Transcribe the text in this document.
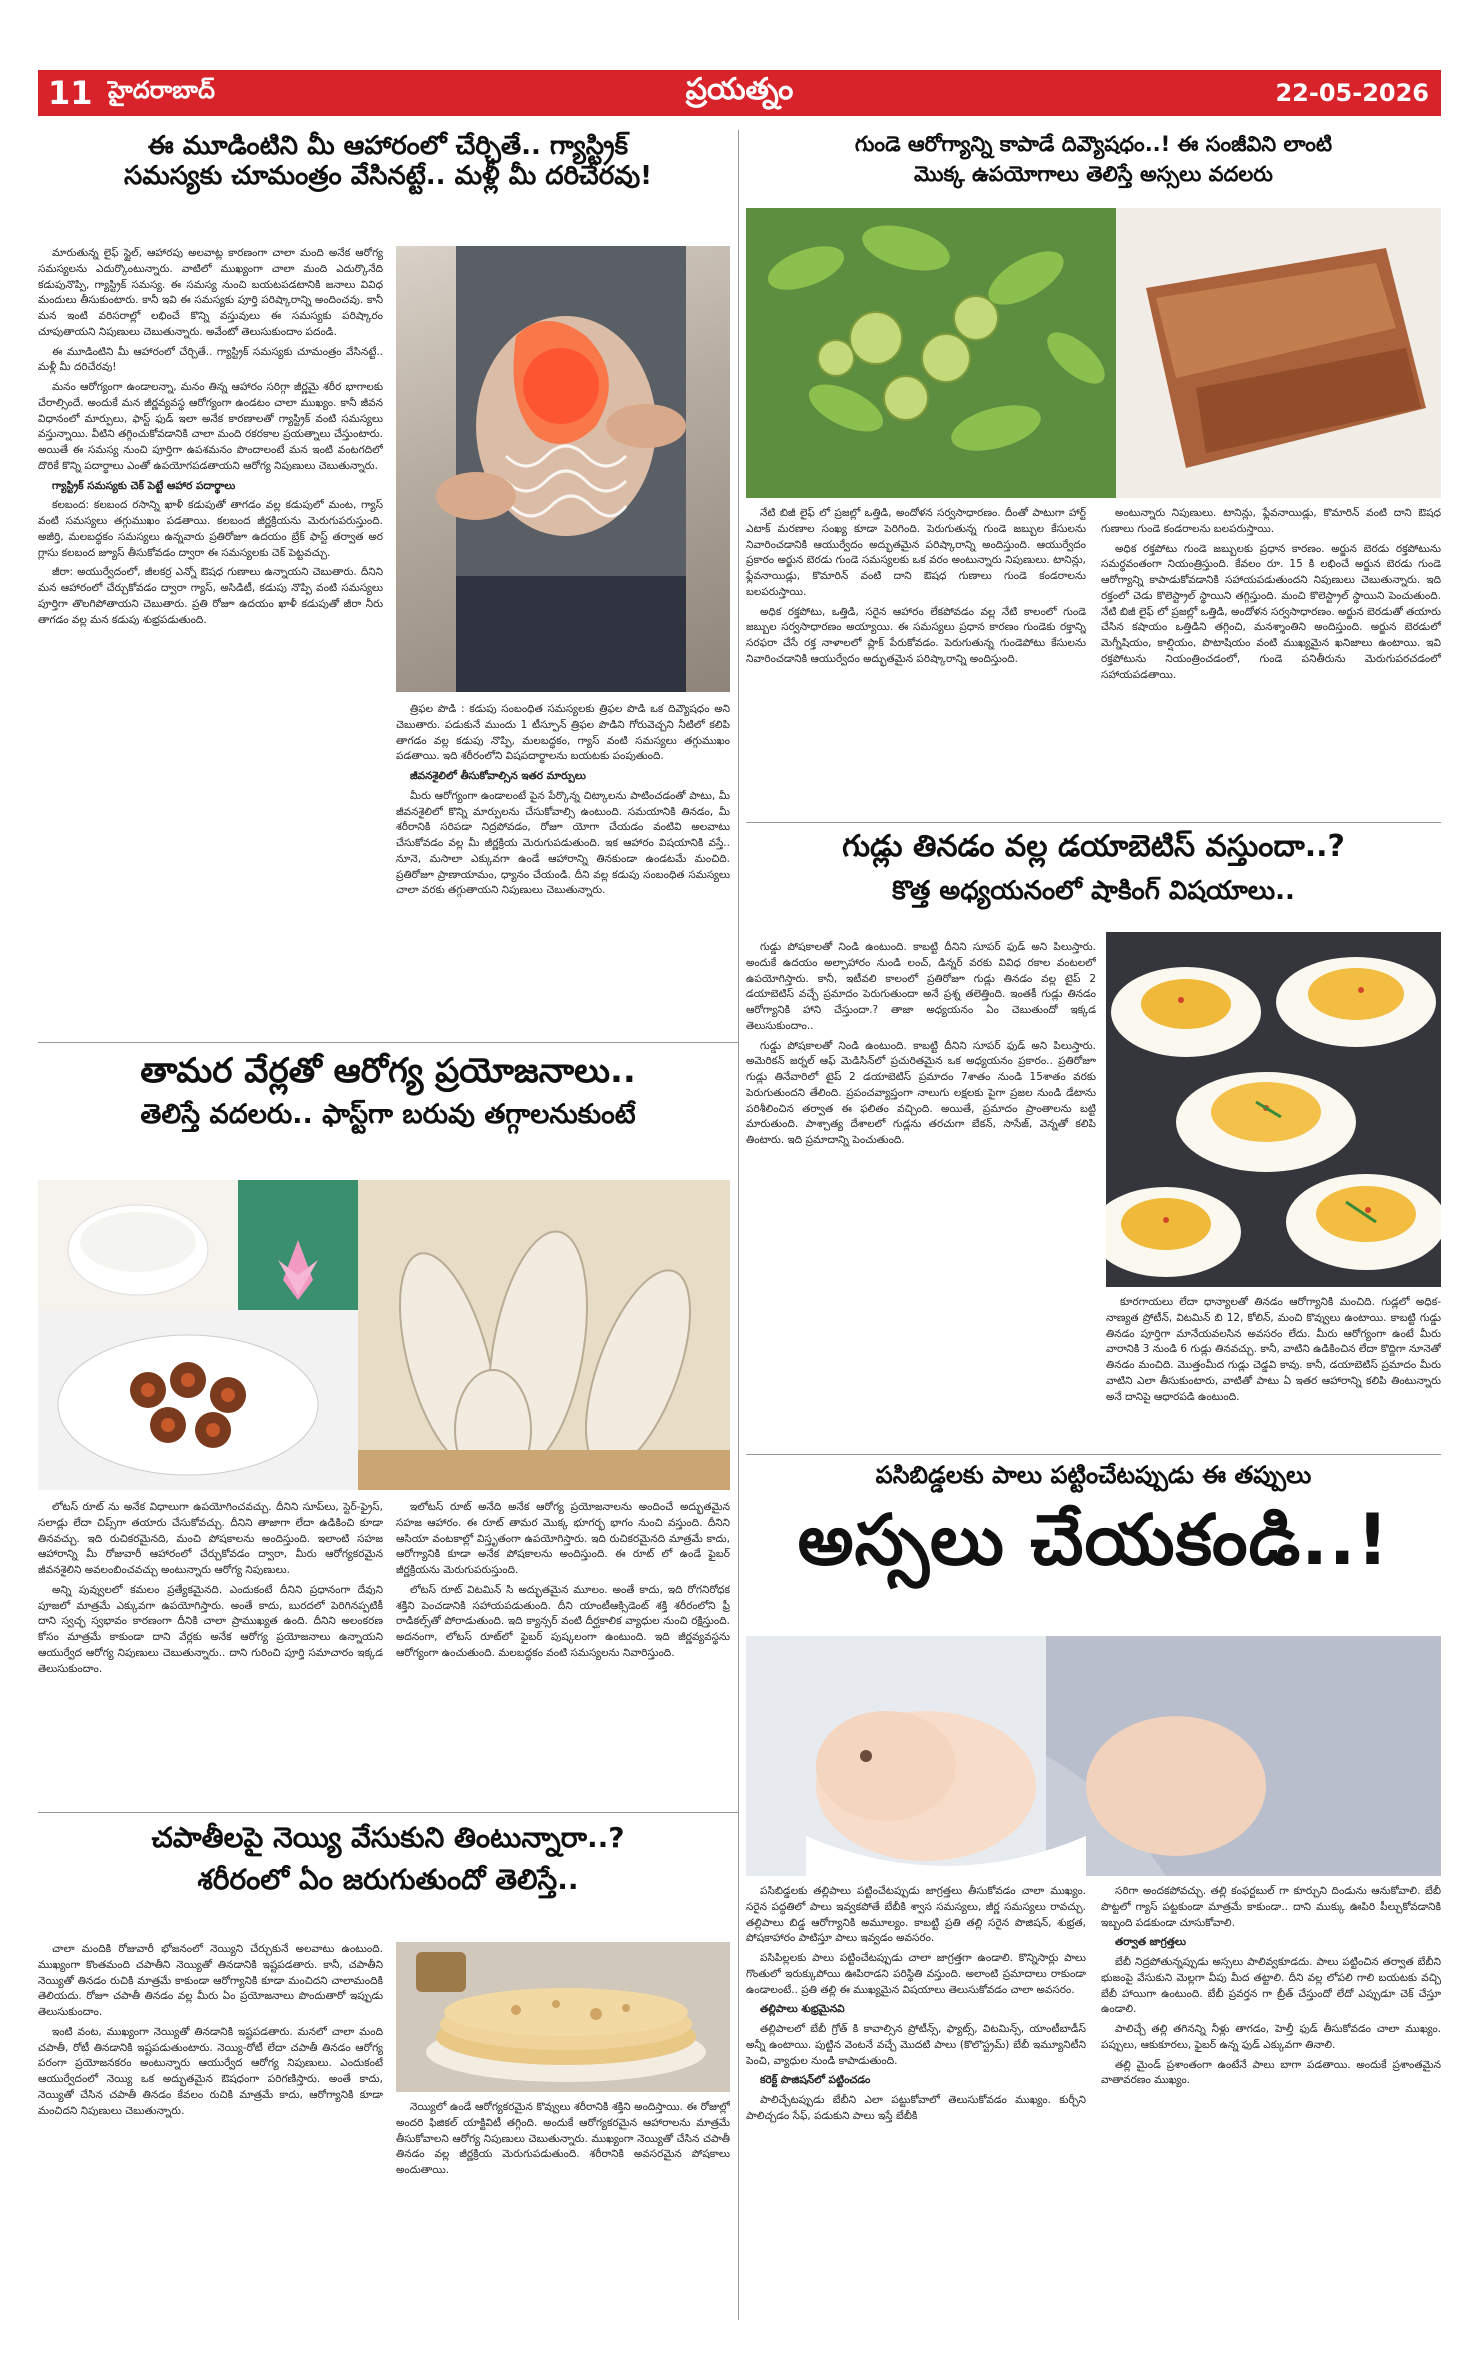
11 హైదరాబాద్	ప్రయత్నం	22-05-2026
ఈ మూడింటిని మీ ఆహారంలో చేర్చితే.. గ్యాస్ట్రిక్
సమస్యకు చూమంత్రం వేసినట్టే.. మళ్లీ మీ దరిచేరవు!

మారుతున్న లైఫ్ స్టైల్, ఆహారపు అలవాట్ల కారణంగా చాలా మంది అనేక ఆరోగ్య సమస్యలను ఎదుర్కొంటున్నారు. వాటిలో ముఖ్యంగా చాలా మంది ఎదుర్కొనేది కడుపునొప్పి, గ్యాస్ట్రిక్ సమస్య. ఈ సమస్య నుంచి బయటపడటానికి జనాలు వివిధ మందులు తీసుకుంటారు. కానీ ఇవి ఈ సమస్యకు పూర్తి పరిష్కారాన్ని అందించవు. కానీ మన ఇంటి వరిసరాల్లో లభించే కొన్ని వస్తువులు ఈ సమస్యకు పరిష్కారం చూపుతాయని నిపుణులు చెబుతున్నారు. అవేంటో తెలుసుకుందాం పదండి.

ఈ మూడింటిని మీ ఆహారంలో చేర్చితే.. గ్యాస్ట్రిక్ సమస్యకు చూమంత్రం వేసినట్టే.. మళ్లీ మీ దరిచేరవు!

మనం ఆరోగ్యంగా ఉండాలన్నా, మనం తిన్న ఆహారం సరిగ్గా జీర్ణమై శరీర భాగాలకు చేరాల్సిందే. అందుకే మన జీర్ణవ్యవస్థ ఆరోగ్యంగా ఉండటం చాలా ముఖ్యం. కానీ జీవన విధానంలో మార్పులు, ఫాస్ట్ ఫుడ్ ఇలా అనేక కారణాలతో గ్యాస్ట్రిక్ వంటి సమస్యలు వస్తున్నాయి. వీటిని తగ్గించుకోవడానికి చాలా మంది రకరకాల ప్రయత్నాలు చేస్తుంటారు. అయితే ఈ సమస్య నుంచి పూర్తిగా ఉపశమనం పొందాలంటే మన ఇంటి వంటగదిలో దొరికే కొన్ని పదార్థాలు ఎంతో ఉపయోగపడతాయని ఆరోగ్య నిపుణులు చెబుతున్నారు.

గ్యాస్ట్రిక్ సమస్యకు చెక్ పెట్టే ఆహార పదార్థాలు

కలబంద: కలబంద రసాన్ని ఖాళీ కడుపుతో తాగడం వల్ల కడుపులో మంట, గ్యాస్ వంటి సమస్యలు తగ్గుముఖం పడతాయి. కలబంద జీర్ణక్రియను మెరుగుపరుస్తుంది. అజీర్తి, మలబద్ధకం సమస్యలు ఉన్నవారు ప్రతిరోజూ ఉదయం బ్రేక్ ఫాస్ట్ తర్వాత అర గ్లాసు కలబంద జ్యూస్ తీసుకోవడం ద్వారా ఈ సమస్యలకు చెక్ పెట్టవచ్చు.

జీరా: అయుర్వేదంలో, జీలకర్ర ఎన్నో ఔషధ గుణాలు ఉన్నాయని చెబుతారు. దీనిని మన ఆహారంలో చేర్చుకోవడం ద్వారా గ్యాస్, అసిడిటీ, కడుపు నొప్పి వంటి సమస్యలు పూర్తిగా తొలగిపోతాయని చెబుతారు. ప్రతి రోజూ ఉదయం ఖాళీ కడుపుతో జీరా నీరు తాగడం వల్ల మన కడుపు శుభ్రపడుతుంది.

త్రిఫల పొడి : కడుపు సంబంధిత సమస్యలకు త్రిఫల పొడి ఒక దివ్యౌషధం అని చెబుతారు. పడుకునే ముందు 1 టీస్పూన్ త్రిఫల పొడిని గోరువెచ్చని నీటిలో కలిపి తాగడం వల్ల కడుపు నొప్పి, మలబద్ధకం, గ్యాస్ వంటి సమస్యలు తగ్గుముఖం పడతాయి. ఇది శరీరంలోని విషపదార్థాలను బయటకు పంపుతుంది.

జీవనశైలిలో తీసుకోవాల్సిన ఇతర మార్పులు

మీరు ఆరోగ్యంగా ఉండాలంటే పైన పేర్కొన్న చిట్కాలను పాటించడంతో పాటు, మీ జీవనశైలిలో కొన్ని మార్పులను చేసుకోవాల్సి ఉంటుంది. సమయానికి తినడం, మీ శరీరానికి సరిపడా నిద్రపోవడం, రోజూ యోగా చేయడం వంటివి అలవాటు చేసుకోవడం వల్ల మీ జీర్ణక్రియ మెరుగుపడుతుంది. ఇక ఆహారం విషయానికి వస్తే.. నూనె, మసాలా ఎక్కువగా ఉండే ఆహారాన్ని తినకుండా ఉండటమే మంచిది. ప్రతిరోజూ ప్రాణాయామం, ధ్యానం చేయండి. దీని వల్ల కడుపు సంబంధిత సమస్యలు చాలా వరకు తగ్గుతాయని నిపుణులు చెబుతున్నారు.

తామర వేర్లతో ఆరోగ్య ప్రయోజనాలు..
తెలిస్తే వదలరు.. ఫాస్ట్‌గా బరువు తగ్గాలనుకుంటే

లోటస్ రూట్ ను అనేక విధాలుగా ఉపయోగించవచ్చు. దీనిని సూప్‌లు, స్టెర్-ఫ్రైస్, సలాడ్లు లేదా చిప్స్‌గా తయారు చేసుకోవచ్చు. దీనిని తాజాగా లేదా ఉడికించి కూడా తినవచ్చు. ఇది రుచికరమైనది, మంచి పోషకాలను అందిస్తుంది. ఇలాంటి సహజ ఆహారాన్ని మీ రోజువారీ ఆహారంలో చేర్చుకోవడం ద్వారా, మీరు ఆరోగ్యకరమైన జీవనశైలిని అవలంబించవచ్చు అంటున్నారు ఆరోగ్య నిపుణులు.

అన్ని పువ్వులలో కమలం ప్రత్యేకమైనది. ఎందుకంటే దీనిని ప్రధానంగా దేవుని పూజలో మాత్రమే ఎక్కువగా ఉపయోగిస్తారు. అంతే కాదు, బురదలో పెరిగినప్పటికీ దాని స్వచ్ఛ స్వభావం కారణంగా దీనికి చాలా ప్రాముఖ్యత ఉంది. దీనిని అలంకరణ కోసం మాత్రమే కాకుండా దాని వేర్లకు అనేక ఆరోగ్య ప్రయోజనాలు ఉన్నాయని ఆయుర్వేద ఆరోగ్య నిపుణులు చెబుతున్నారు.. దాని గురించి పూర్తి సమాచారం ఇక్కడ తెలుసుకుందాం.

ఇలోటస్ రూట్ అనేది అనేక ఆరోగ్య ప్రయోజనాలను అందించే అద్భుతమైన సహజ ఆహారం. ఈ రూట్ తామర మొక్క భూగర్భ భాగం నుంచి వస్తుంది. దీనిని ఆసియా వంటకాల్లో విస్తృతంగా ఉపయోగిస్తారు. ఇది రుచికరమైనది మాత్రమే కాదు, ఆరోగ్యానికి కూడా అనేక పోషకాలను అందిస్తుంది. ఈ రూట్ లో ఉండే ఫైబర్ జీర్ణక్రియను మెరుగుపరుస్తుంది.

లోటస్ రూట్ విటమిన్ సి అద్భుతమైన మూలం. అంతే కాదు, ఇది రోగనిరోధక శక్తిని పెంచడానికి సహాయపడుతుంది. దీని యాంటీఆక్సిడెంట్ శక్తి శరీరంలోని ఫ్రీ రాడికల్స్‌తో పోరాడుతుంది. ఇది క్యాన్సర్ వంటి దీర్ఘకాలిక వ్యాధుల నుంచి రక్షిస్తుంది. అదనంగా, లోటస్ రూట్‌లో ఫైబర్ పుష్కలంగా ఉంటుంది. ఇది జీర్ణవ్యవస్థను ఆరోగ్యంగా ఉంచుతుంది. మలబద్ధకం వంటి సమస్యలను నివారిస్తుంది.

చపాతీలపై నెయ్యి వేసుకుని తింటున్నారా..?
శరీరంలో ఏం జరుగుతుందో తెలిస్తే..

చాలా మందికి రోజువారీ భోజనంలో నెయ్యిని చేర్చుకునే అలవాటు ఉంటుంది. ముఖ్యంగా కొంతమంది చపాతీని నెయ్యితో తినడానికి ఇష్టపడతారు. కానీ, చపాతీని నెయ్యితో తినడం రుచికి మాత్రమే కాకుండా ఆరోగ్యానికి కూడా మంచిదని చాలామందికి తెలియదు. రోజూ చపాతీ తినడం వల్ల మీరు ఏం ప్రయోజనాలు పొందుతారో ఇప్పుడు తెలుసుకుందాం.

ఇంటి వంట, ముఖ్యంగా నెయ్యితో తినడానికి ఇష్టపడతారు. మనలో చాలా మంది చపాతీ, రోటీ తినడానికి ఇష్టపడుతుంటారు. నెయ్యి-రోటీ లేదా చపాతీ తినడం ఆరోగ్య పరంగా ప్రయోజనకరం అంటున్నారు ఆయుర్వేద ఆరోగ్య నిపుణులు. ఎందుకంటే ఆయుర్వేదంలో నెయ్యి ఒక అద్భుతమైన ఔషధంగా పరిగణిస్తారు. అంతే కాదు, నెయ్యితో చేసిన చపాతీ తినడం కేవలం రుచికి మాత్రమే కాదు, ఆరోగ్యానికి కూడా మంచిదని నిపుణులు చెబుతున్నారు.	నెయ్యిలో ఉండే ఆరోగ్యకరమైన కొవ్వులు శరీరానికి శక్తిని అందిస్తాయి. ఈ రోజుల్లో అందరి ఫిజికల్ యాక్టివిటీ తగ్గింది. అందుకే ఆరోగ్యకరమైన ఆహారాలను మాత్రమే తీసుకోవాలని ఆరోగ్య నిపుణులు చెబుతున్నారు. ముఖ్యంగా నెయ్యితో చేసిన చపాతీ తినడం వల్ల జీర్ణక్రియ మెరుగుపడుతుంది. శరీరానికి అవసరమైన పోషకాలు అందుతాయి.

గుండె ఆరోగ్యాన్ని కాపాడే దివ్యౌషధం..! ఈ సంజీవిని లాంటి
మొక్క ఉపయోగాలు తెలిస్తే అస్సలు వదలరు

నేటి బిజీ లైఫ్ లో ప్రజల్లో ఒత్తిడి, అందోళన సర్వసాధారణం. దీంతో పాటుగా హార్ట్ ఎటాక్ మరణాల సంఖ్య కూడా పెరిగింది. పెరుగుతున్న గుండె జబ్బుల కేసులను నివారించడానికి ఆయుర్వేదం అద్భుతమైన పరిష్కారాన్ని అందిస్తుంది. ఆయుర్వేదం ప్రకారం అర్జున బెరడు గుండె సమస్యలకు ఒక వరం అంటున్నారు నిపుణులు. టానిన్లు, ఫ్లేవనాయిడ్లు, కొమారిన్ వంటి దాని ఔషధ గుణాలు గుండె కండరాలను బలపరుస్తాయి.

అధిక రక్తపోటు, ఒత్తిడి, సరైన ఆహారం లేకపోవడం వల్ల నేటి కాలంలో గుండె జబ్బుల సర్వసాధారణం అయ్యాయి. ఈ సమస్యలు ప్రధాన కారణం గుండెకు రక్తాన్ని సరఫరా చేసే రక్త నాళాలలో ప్లాక్ పేరుకోవడం. పెరుగుతున్న గుండెపోటు కేసులను నివారించడానికి ఆయుర్వేదం అద్భుతమైన పరిష్కారాన్ని అందిస్తుంది.

అంటున్నారు నిపుణులు. టానిన్లు, ఫ్లేవనాయిడ్లు, కొమారిన్ వంటి దాని ఔషధ గుణాలు గుండె కండరాలను బలపరుస్తాయి.

అధిక రక్తపోటు గుండె జబ్బులకు ప్రధాన కారణం. అర్జున బెరడు రక్తపోటును సమర్థవంతంగా నియంత్రిస్తుంది. కేవలం రూ. 15 కి లభించే అర్జున బెరడు గుండె ఆరోగ్యాన్ని కాపాడుకోవడానికి సహాయపడుతుందని నిపుణులు చెబుతున్నారు. ఇది రక్తంలో చెడు కొలెస్ట్రాల్ స్థాయిని తగ్గిస్తుంది. మంచి కొలెస్ట్రాల్ స్థాయిని పెంచుతుంది. నేటి బిజీ లైఫ్ లో ప్రజల్లో ఒత్తిడి, అందోళన సర్వసాధారణం. అర్జున బెరడుతో తయారు చేసిన కషాయం ఒత్తిడిని తగ్గించి, మనశ్శాంతిని అందిస్తుంది. అర్జున బెరడులో మెగ్నీషియం, కాల్షియం, పొటాషియం వంటి ముఖ్యమైన ఖనిజాలు ఉంటాయి. ఇవి రక్తపోటును నియంత్రించడంలో, గుండె పనితీరును మెరుగుపరచడంలో సహాయపడతాయి.

గుడ్లు తినడం వల్ల డయాబెటిస్ వస్తుందా..?
కొత్త అధ్యయనంలో షాకింగ్ విషయాలు..

గుడ్డు పోషకాలతో నిండి ఉంటుంది. కాబట్టి దీనిని సూపర్ ఫుడ్ అని పిలుస్తారు. అందుకే ఉదయం అల్పాహారం నుండి లంచ్, డిన్నర్ వరకు వివిధ రకాల వంటలలో ఉపయోగిస్తారు. కానీ, ఇటీవలి కాలంలో ప్రతిరోజూ గుడ్లు తినడం వల్ల టైప్ 2 డయాబెటిస్ వచ్చే ప్రమాదం పెరుగుతుందా అనే ప్రశ్న తలెత్తింది. ఇంతకీ గుడ్లు తినడం ఆరోగ్యానికి హాని చేస్తుందా.? తాజా అధ్యయనం ఏం చెబుతుందో ఇక్కడ తెలుసుకుందాం..

గుడ్డు పోషకాలతో నిండి ఉంటుంది. కాబట్టి దీనిని సూపర్ ఫుడ్ అని పిలుస్తారు. అమెరికన్ జర్నల్ ఆఫ్ మెడిసిన్‌లో ప్రచురితమైన ఒక అధ్యయనం ప్రకారం.. ప్రతిరోజూ గుడ్లు తినేవారిలో టైప్ 2 డయాబెటిస్ ప్రమాదం 7శాతం నుండి 15శాతం వరకు పెరుగుతుందని తేలింది. ప్రపంచవ్యాప్తంగా నాలుగు లక్షలకు పైగా ప్రజల నుండి డేటాను పరిశీలించిన తర్వాత ఈ ఫలితం వచ్చింది. అయితే, ప్రమాదం ప్రాంతాలను బట్టి మారుతుంది. పాశ్చాత్య దేశాలలో గుడ్లను తరచుగా బేకన్, సాసేజ్, వెన్నతో కలిపి తింటారు. ఇది ప్రమాదాన్ని పెంచుతుంది.

కూరగాయలు లేదా ధాన్యాలతో తినడం ఆరోగ్యానికి మంచిది. గుడ్లలో అధిక-నాణ్యత ప్రోటీన్, విటమిన్ బి 12, కోలిన్, మంచి కొవ్వులు ఉంటాయి. కాబట్టి గుడ్డు తినడం పూర్తిగా మానేయవలసిన అవసరం లేదు. మీరు ఆరోగ్యంగా ఉంటే మీరు వారానికి 3 నుండి 6 గుడ్లు తినవచ్చు. కానీ, వాటిని ఉడికించిన లేదా కొద్దిగా నూనెతో తినడం మంచిది. మొత్తంమీద గుడ్లు చెడ్డవి కావు. కానీ, డయాబెటిస్ ప్రమాదం మీరు వాటిని ఎలా తీసుకుంటారు, వాటితో పాటు ఏ ఇతర ఆహారాన్ని కలిపి తింటున్నారు అనే దానిపై ఆధారపడి ఉంటుంది.

పసిబిడ్డలకు పాలు పట్టించేటప్పుడు ఈ తప్పులు
అస్సలు చేయకండి..!

పసిబిడ్డలకు తల్లిపాలు పట్టించేటప్పుడు జాగ్రత్తలు తీసుకోవడం చాలా ముఖ్యం. సరైన పద్ధతిలో పాలు ఇవ్వకపోతే బేబీకి శ్వాస సమస్యలు, జీర్ణ సమస్యలు రావచ్చు. తల్లిపాలు బిడ్డ ఆరోగ్యానికి అమూల్యం. కాబట్టి ప్రతి తల్లి సరైన పొజిషన్, శుభ్రత, పోషకాహారం పాటిస్తూ పాలు ఇవ్వడం అవసరం.

పసిపిల్లలకు పాలు పట్టించేటప్పుడు చాలా జాగ్రత్తగా ఉండాలి. కొన్నిసార్లు పాలు గొంతులో ఇరుక్కుపోయి ఊపిరాడని పరిస్థితి వస్తుంది. అలాంటి ప్రమాదాలు రాకుండా ఉండాలంటే.. ప్రతి తల్లి ఈ ముఖ్యమైన విషయాలు తెలుసుకోవడం చాలా అవసరం.

తల్లిపాలు శుభ్రమైనవి

తల్లిపాలలో బేబీ గ్రోత్ కి కావాల్సిన ప్రోటీన్స్, ఫ్యాట్స్, విటమిన్స్, యాంటీబాడీస్ అన్నీ ఉంటాయి. పుట్టిన వెంటనే వచ్చే మొదటి పాలు (కొలొస్ట్రమ్) బేబీ ఇమ్యూనిటీని పెంచి, వ్యాధుల నుండి కాపాడుతుంది.

కరెక్ట్ పొజిషన్‌లో పట్టించడం

పాలిచ్చేటప్పుడు బేబీని ఎలా పట్టుకోవాలో తెలుసుకోవడం ముఖ్యం. కుర్చీని పాలిచ్చడం సేఫ్, పడుకుని పాలు ఇస్తే బేబీకి

సరిగా అందకపోవచ్చు. తల్లి కంఫర్టబుల్ గా కూర్చుని దిండును ఆనుకోవాలి. బేబీ పొట్టలో గ్యాస్ పట్టకుండా మాత్రమే కాకుండా.. దాని ముక్కు ఊపిరి పీల్చుకోవడానికి ఇబ్బంది పడకుండా చూసుకోవాలి.

తర్వాత జాగ్రత్తలు

బేబీ నిద్రపోతున్నప్పుడు అస్సలు పాలివ్వకూడదు. పాలు పట్టించిన తర్వాత బేబీని భుజంపై వేసుకుని మెల్లగా వీపు మీద తట్టాలి. దీని వల్ల లోపలి గాలి బయటకు వచ్చి బేబీ హాయిగా ఉంటుంది. బేబీ ప్రవర్తన గా బ్రీత్ చేస్తుందో లేదో ఎప్పుడూ చెక్ చేస్తూ ఉండాలి.

పాలిచ్చే తల్లి తగినన్ని నీళ్లు తాగడం, హెల్తీ ఫుడ్ తీసుకోవడం చాలా ముఖ్యం. పప్పులు, ఆకుకూరలు, ఫైబర్ ఉన్న ఫుడ్ ఎక్కువగా తినాలి.

తల్లి మైండ్ ప్రశాంతంగా ఉంటేనే పాలు బాగా పడతాయి. అందుకే ప్రశాంతమైన వాతావరణం ముఖ్యం.
